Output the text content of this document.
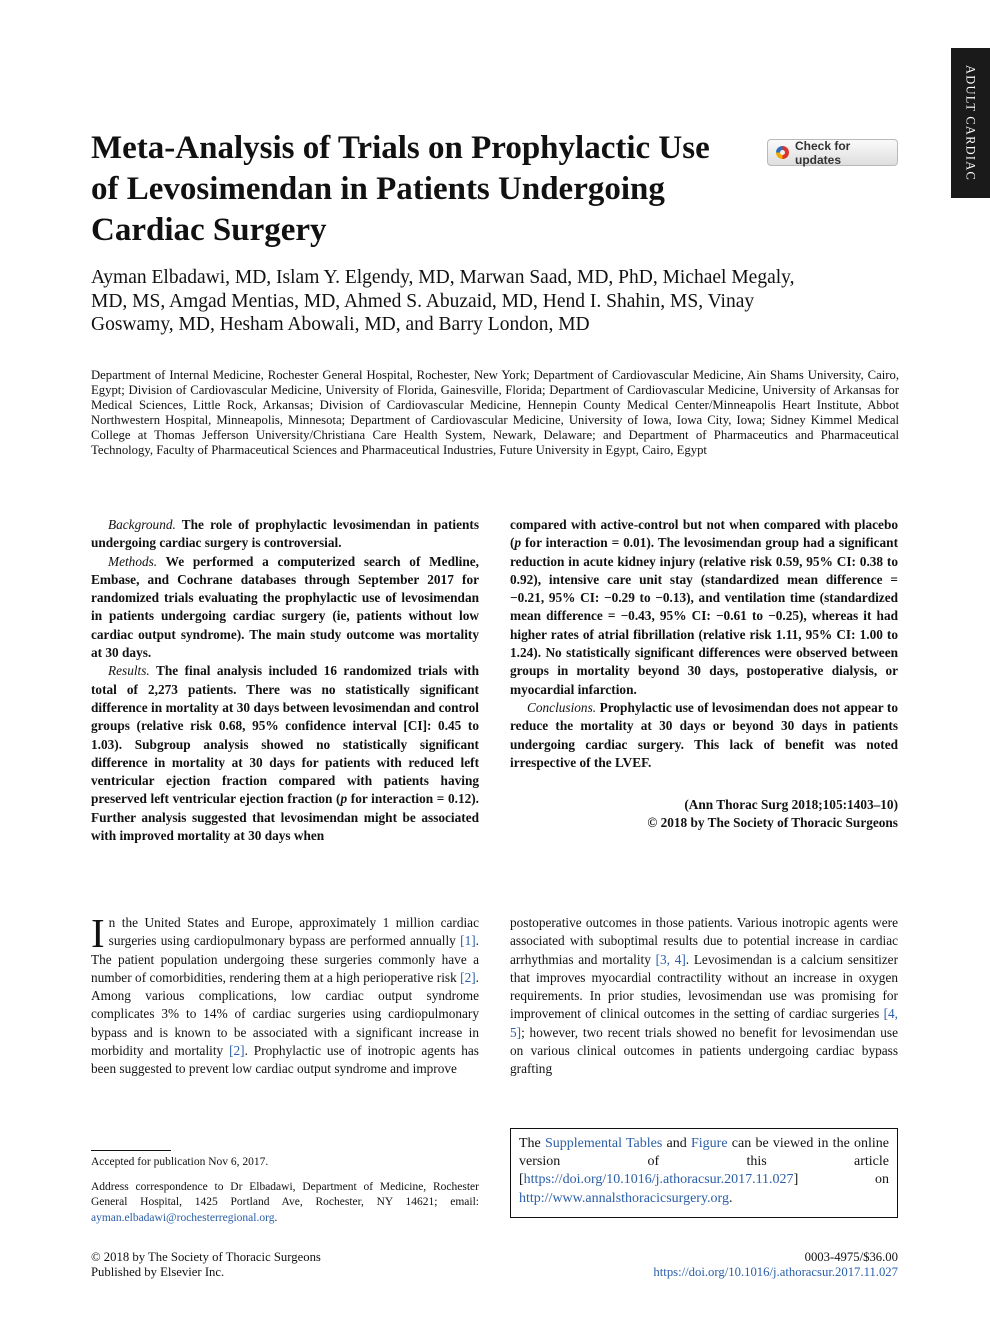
ADULT CARDIAC
Meta-Analysis of Trials on Prophylactic Use of Levosimendan in Patients Undergoing Cardiac Surgery
Check for updates

Ayman Elbadawi, MD, Islam Y. Elgendy, MD, Marwan Saad, MD, PhD, Michael Megaly, MD, MS, Amgad Mentias, MD, Ahmed S. Abuzaid, MD, Hend I. Shahin, MS, Vinay Goswamy, MD, Hesham Abowali, MD, and Barry London, MD

Department of Internal Medicine, Rochester General Hospital, Rochester, New York; Department of Cardiovascular Medicine, Ain Shams University, Cairo, Egypt; Division of Cardiovascular Medicine, University of Florida, Gainesville, Florida; Department of Cardiovascular Medicine, University of Arkansas for Medical Sciences, Little Rock, Arkansas; Division of Cardiovascular Medicine, Hennepin County Medical Center/Minneapolis Heart Institute, Abbot Northwestern Hospital, Minneapolis, Minnesota; Department of Cardiovascular Medicine, University of Iowa, Iowa City, Iowa; Sidney Kimmel Medical College at Thomas Jefferson University/Christiana Care Health System, Newark, Delaware; and Department of Pharmaceutics and Pharmaceutical Technology, Faculty of Pharmaceutical Sciences and Pharmaceutical Industries, Future University in Egypt, Cairo, Egypt

Background. The role of prophylactic levosimendan in patients undergoing cardiac surgery is controversial.

Methods. We performed a computerized search of Medline, Embase, and Cochrane databases through September 2017 for randomized trials evaluating the prophylactic use of levosimendan in patients undergoing cardiac surgery (ie, patients without low cardiac output syndrome). The main study outcome was mortality at 30 days.

Results. The final analysis included 16 randomized trials with total of 2,273 patients. There was no statistically significant difference in mortality at 30 days between levosimendan and control groups (relative risk 0.68, 95% confidence interval [CI]: 0.45 to 1.03). Subgroup analysis showed no statistically significant difference in mortality at 30 days for patients with reduced left ventricular ejection fraction compared with patients having preserved left ventricular ejection fraction (p for interaction = 0.12). Further analysis suggested that levosimendan might be associated with improved mortality at 30 days when

compared with active-control but not when compared with placebo (p for interaction = 0.01). The levosimendan group had a significant reduction in acute kidney injury (relative risk 0.59, 95% CI: 0.38 to 0.92), intensive care unit stay (standardized mean difference = −0.21, 95% CI: −0.29 to −0.13), and ventilation time (standardized mean difference = −0.43, 95% CI: −0.61 to −0.25), whereas it had higher rates of atrial fibrillation (relative risk 1.11, 95% CI: 1.00 to 1.24). No statistically significant differences were observed between groups in mortality beyond 30 days, postoperative dialysis, or myocardial infarction.

Conclusions. Prophylactic use of levosimendan does not appear to reduce the mortality at 30 days or beyond 30 days in patients undergoing cardiac surgery. This lack of benefit was noted irrespective of the LVEF.

(Ann Thorac Surg 2018;105:1403–10)
© 2018 by The Society of Thoracic Surgeons

In the United States and Europe, approximately 1 million cardiac surgeries using cardiopulmonary bypass are performed annually [1]. The patient population undergoing these surgeries commonly have a number of comorbidities, rendering them at a high perioperative risk [2]. Among various complications, low cardiac output syndrome complicates 3% to 14% of cardiac surgeries using cardiopulmonary bypass and is known to be associated with a significant increase in morbidity and mortality [2]. Prophylactic use of inotropic agents has been suggested to prevent low cardiac output syndrome and improve

postoperative outcomes in those patients. Various inotropic agents were associated with suboptimal results due to potential increase in cardiac arrhythmias and mortality [3, 4]. Levosimendan is a calcium sensitizer that improves myocardial contractility without an increase in oxygen requirements. In prior studies, levosimendan use was promising for improvement of clinical outcomes in the setting of cardiac surgeries [4, 5]; however, two recent trials showed no benefit for levosimendan use on various clinical outcomes in patients undergoing cardiac bypass grafting

Accepted for publication Nov 6, 2017.

Address correspondence to Dr Elbadawi, Department of Medicine, Rochester General Hospital, 1425 Portland Ave, Rochester, NY 14621; email: ayman.elbadawi@rochesterregional.org.

The Supplemental Tables and Figure can be viewed in the online version of this article [https://doi.org/10.1016/j.athoracsur.2017.11.027] on http://www.annalsthoracicsurgery.org.
© 2018 by The Society of Thoracic Surgeons
Published by Elsevier Inc.
0003-4975/$36.00
https://doi.org/10.1016/j.athoracsur.2017.11.027
